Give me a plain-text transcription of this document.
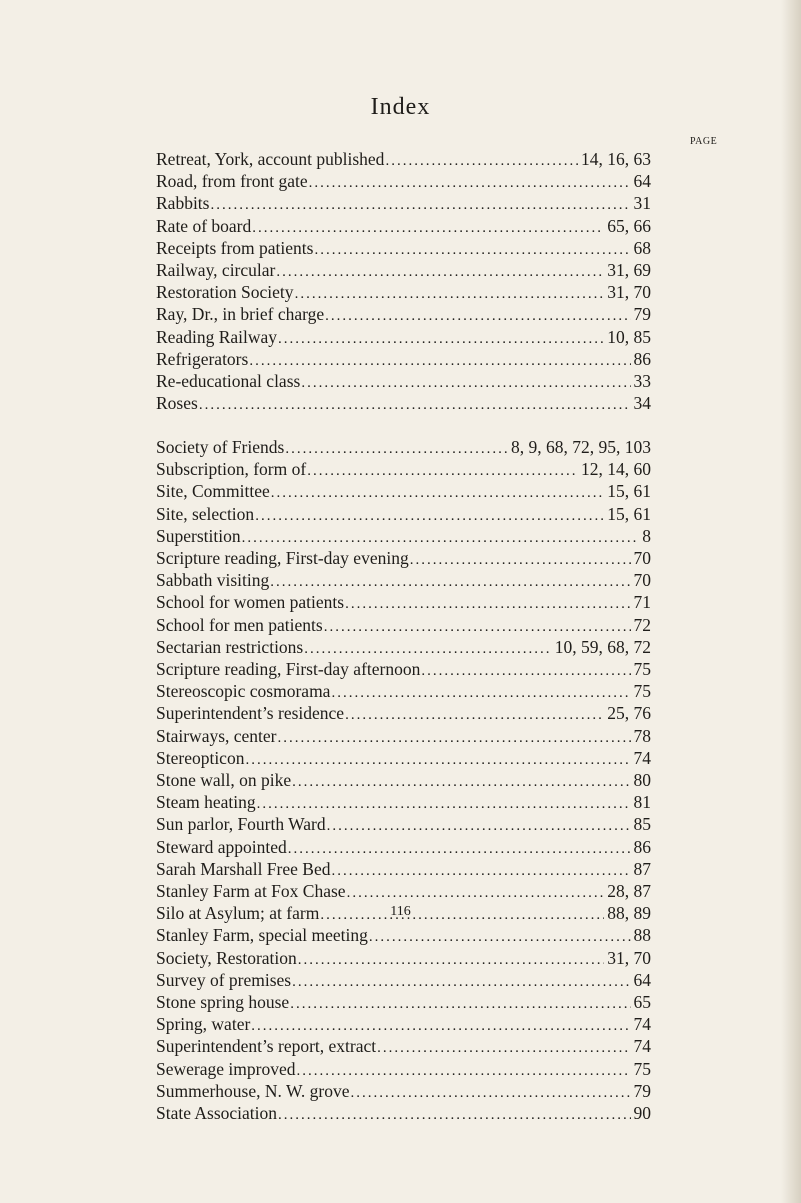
Index
PAGE
Retreat, York, account published .....	14, 16, 63
Road, from front gate .....	64
Rabbits .....	31
Rate of board .....	65, 66
Receipts from patients .....	68
Railway, circular .....	31, 69
Restoration Society .....	31, 70
Ray, Dr., in brief charge .....	79
Reading Railway .....	10, 85
Refrigerators .....	86
Re-educational class .....	33
Roses .....	34
Society of Friends .....	8, 9, 68, 72, 95, 103
Subscription, form of .....	12, 14, 60
Site, Committee .....	15, 61
Site, selection .....	15, 61
Superstition .....	8
Scripture reading, First-day evening .....	70
Sabbath visiting .....	70
School for women patients .....	71
School for men patients .....	72
Sectarian restrictions .....	10, 59, 68, 72
Scripture reading, First-day afternoon .....	75
Stereoscopic cosmorama .....	75
Superintendent’s residence .....	25, 76
Stairways, center .....	78
Stereopticon .....	74
Stone wall, on pike .....	80
Steam heating .....	81
Sun parlor, Fourth Ward .....	85
Steward appointed .....	86
Sarah Marshall Free Bed .....	87
Stanley Farm at Fox Chase .....	28, 87
Silo at Asylum; at farm .....	88, 89
Stanley Farm, special meeting .....	88
Society, Restoration .....	31, 70
Survey of premises .....	64
Stone spring house .....	65
Spring, water .....	74
Superintendent’s report, extract .....	74
Sewerage improved .....	75
Summerhouse, N. W. grove .....	79
State Association .....	90
116
